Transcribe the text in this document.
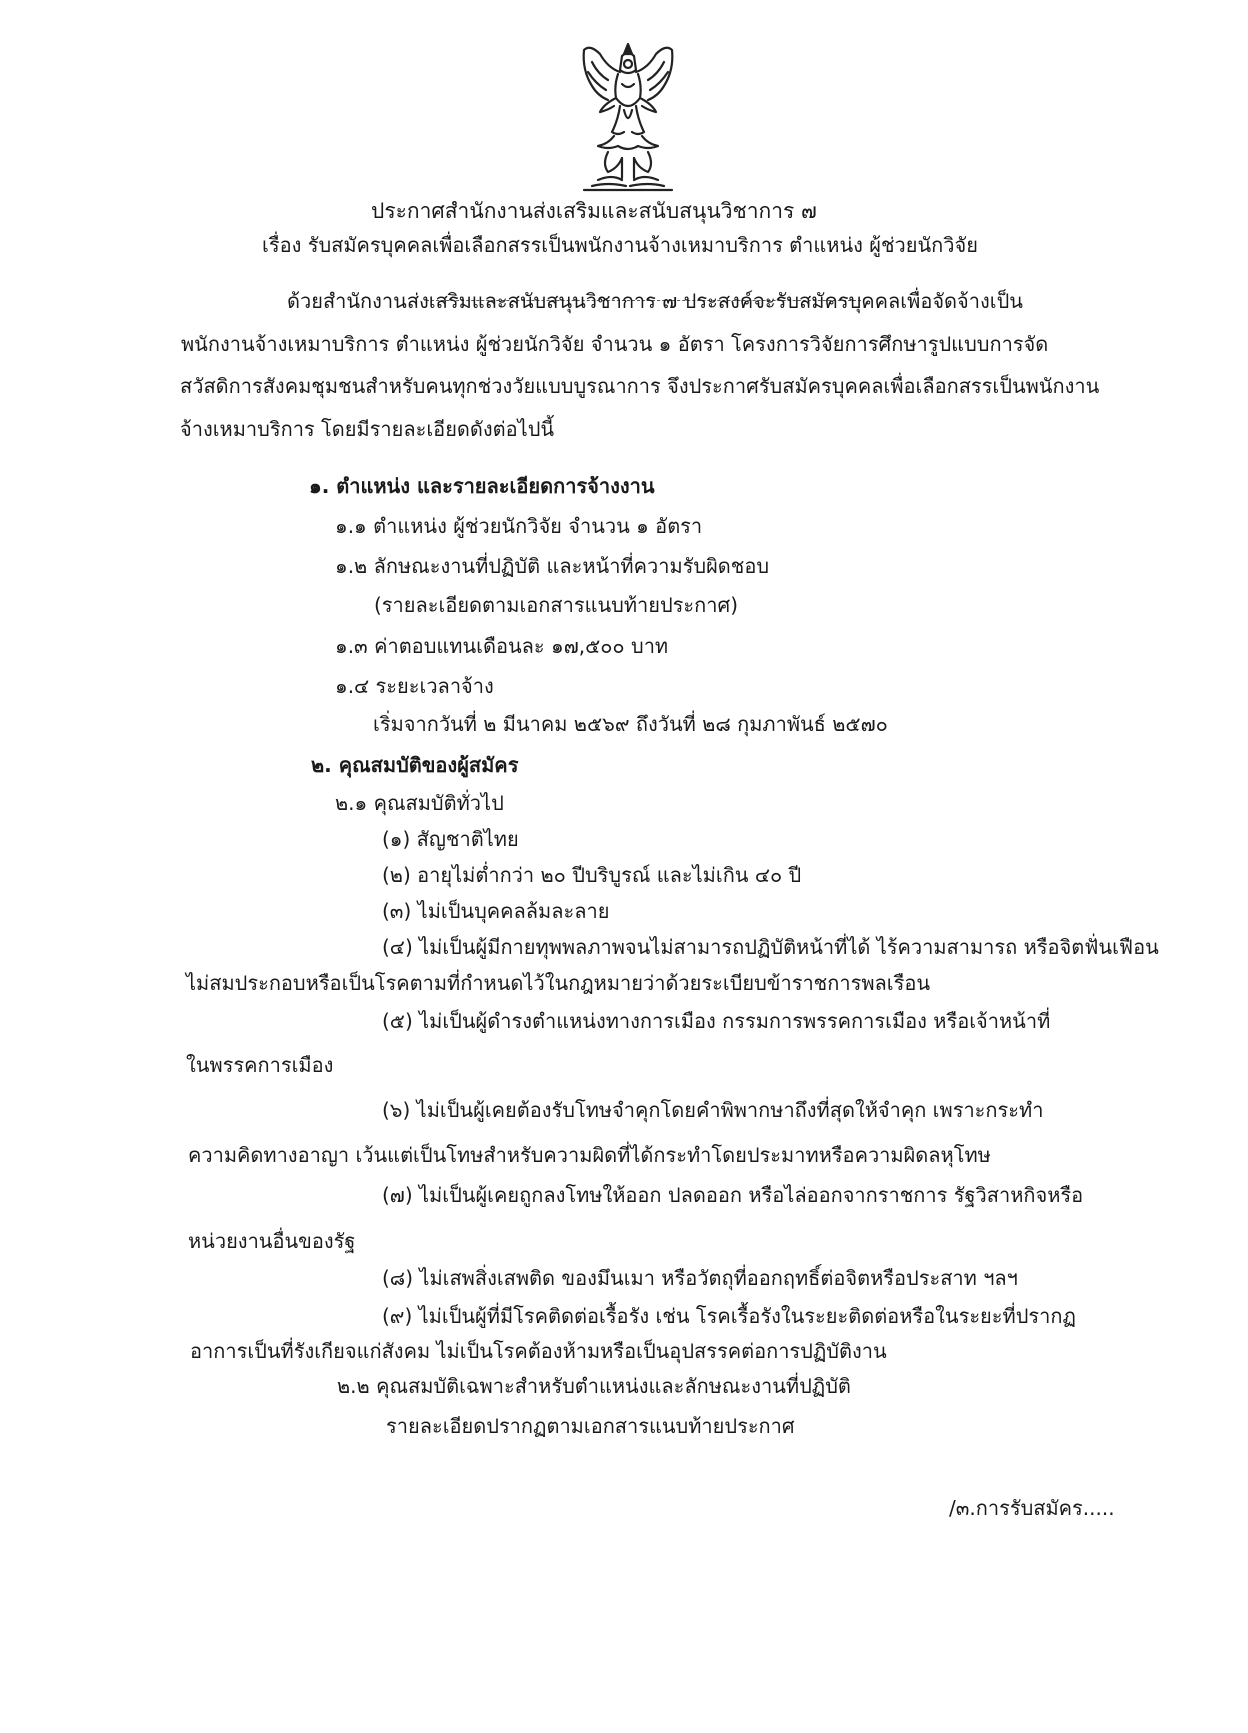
ประกาศสำนักงานส่งเสริมและสนับสนุนวิชาการ ๗
เรื่อง รับสมัครบุคคลเพื่อเลือกสรรเป็นพนักงานจ้างเหมาบริการ ตำแหน่ง ผู้ช่วยนักวิจัย
ด้วยสำนักงานส่งเสริมและสนับสนุนวิชาการ ๗ ประสงค์จะรับสมัครบุคคลเพื่อจัดจ้างเป็น
พนักงานจ้างเหมาบริการ ตำแหน่ง ผู้ช่วยนักวิจัย จำนวน ๑ อัตรา โครงการวิจัยการศึกษารูปแบบการจัด
สวัสดิการสังคมชุมชนสำหรับคนทุกช่วงวัยแบบบูรณาการ จึงประกาศรับสมัครบุคคลเพื่อเลือกสรรเป็นพนักงาน
จ้างเหมาบริการ โดยมีรายละเอียดดังต่อไปนี้
๑. ตำแหน่ง และรายละเอียดการจ้างงาน
๑.๑ ตำแหน่ง ผู้ช่วยนักวิจัย จำนวน ๑ อัตรา
๑.๒ ลักษณะงานที่ปฏิบัติ และหน้าที่ความรับผิดชอบ
(รายละเอียดตามเอกสารแนบท้ายประกาศ)
๑.๓ ค่าตอบแทนเดือนละ ๑๗,๕๐๐ บาท
๑.๔ ระยะเวลาจ้าง
เริ่มจากวันที่ ๒ มีนาคม ๒๕๖๙ ถึงวันที่ ๒๘ กุมภาพันธ์ ๒๕๗๐
๒. คุณสมบัติของผู้สมัคร
๒.๑ คุณสมบัติทั่วไป
(๑) สัญชาติไทย
(๒) อายุไม่ต่ำกว่า ๒๐ ปีบริบูรณ์ และไม่เกิน ๔๐ ปี
(๓) ไม่เป็นบุคคลล้มละลาย
(๔) ไม่เป็นผู้มีกายทุพพลภาพจนไม่สามารถปฏิบัติหน้าที่ได้ ไร้ความสามารถ หรือจิตฟั่นเฟือน
ไม่สมประกอบหรือเป็นโรคตามที่กำหนดไว้ในกฎหมายว่าด้วยระเบียบข้าราชการพลเรือน
(๕) ไม่เป็นผู้ดำรงตำแหน่งทางการเมือง กรรมการพรรคการเมือง หรือเจ้าหน้าที่
ในพรรคการเมือง
(๖) ไม่เป็นผู้เคยต้องรับโทษจำคุกโดยคำพิพากษาถึงที่สุดให้จำคุก เพราะกระทำ
ความคิดทางอาญา เว้นแต่เป็นโทษสำหรับความผิดที่ได้กระทำโดยประมาทหรือความผิดลหุโทษ
(๗) ไม่เป็นผู้เคยถูกลงโทษให้ออก ปลดออก หรือไล่ออกจากราชการ รัฐวิสาหกิจหรือ
หน่วยงานอื่นของรัฐ
(๘) ไม่เสพสิ่งเสพติด ของมึนเมา หรือวัตถุที่ออกฤทธิ์ต่อจิตหรือประสาท ฯลฯ
(๙) ไม่เป็นผู้ที่มีโรคติดต่อเรื้อรัง เช่น โรคเรื้อรังในระยะติดต่อหรือในระยะที่ปรากฏ
อาการเป็นที่รังเกียจแก่สังคม ไม่เป็นโรคต้องห้ามหรือเป็นอุปสรรคต่อการปฏิบัติงาน
๒.๒ คุณสมบัติเฉพาะสำหรับตำแหน่งและลักษณะงานที่ปฏิบัติ
รายละเอียดปรากฏตามเอกสารแนบท้ายประกาศ
/๓.การรับสมัคร.....
